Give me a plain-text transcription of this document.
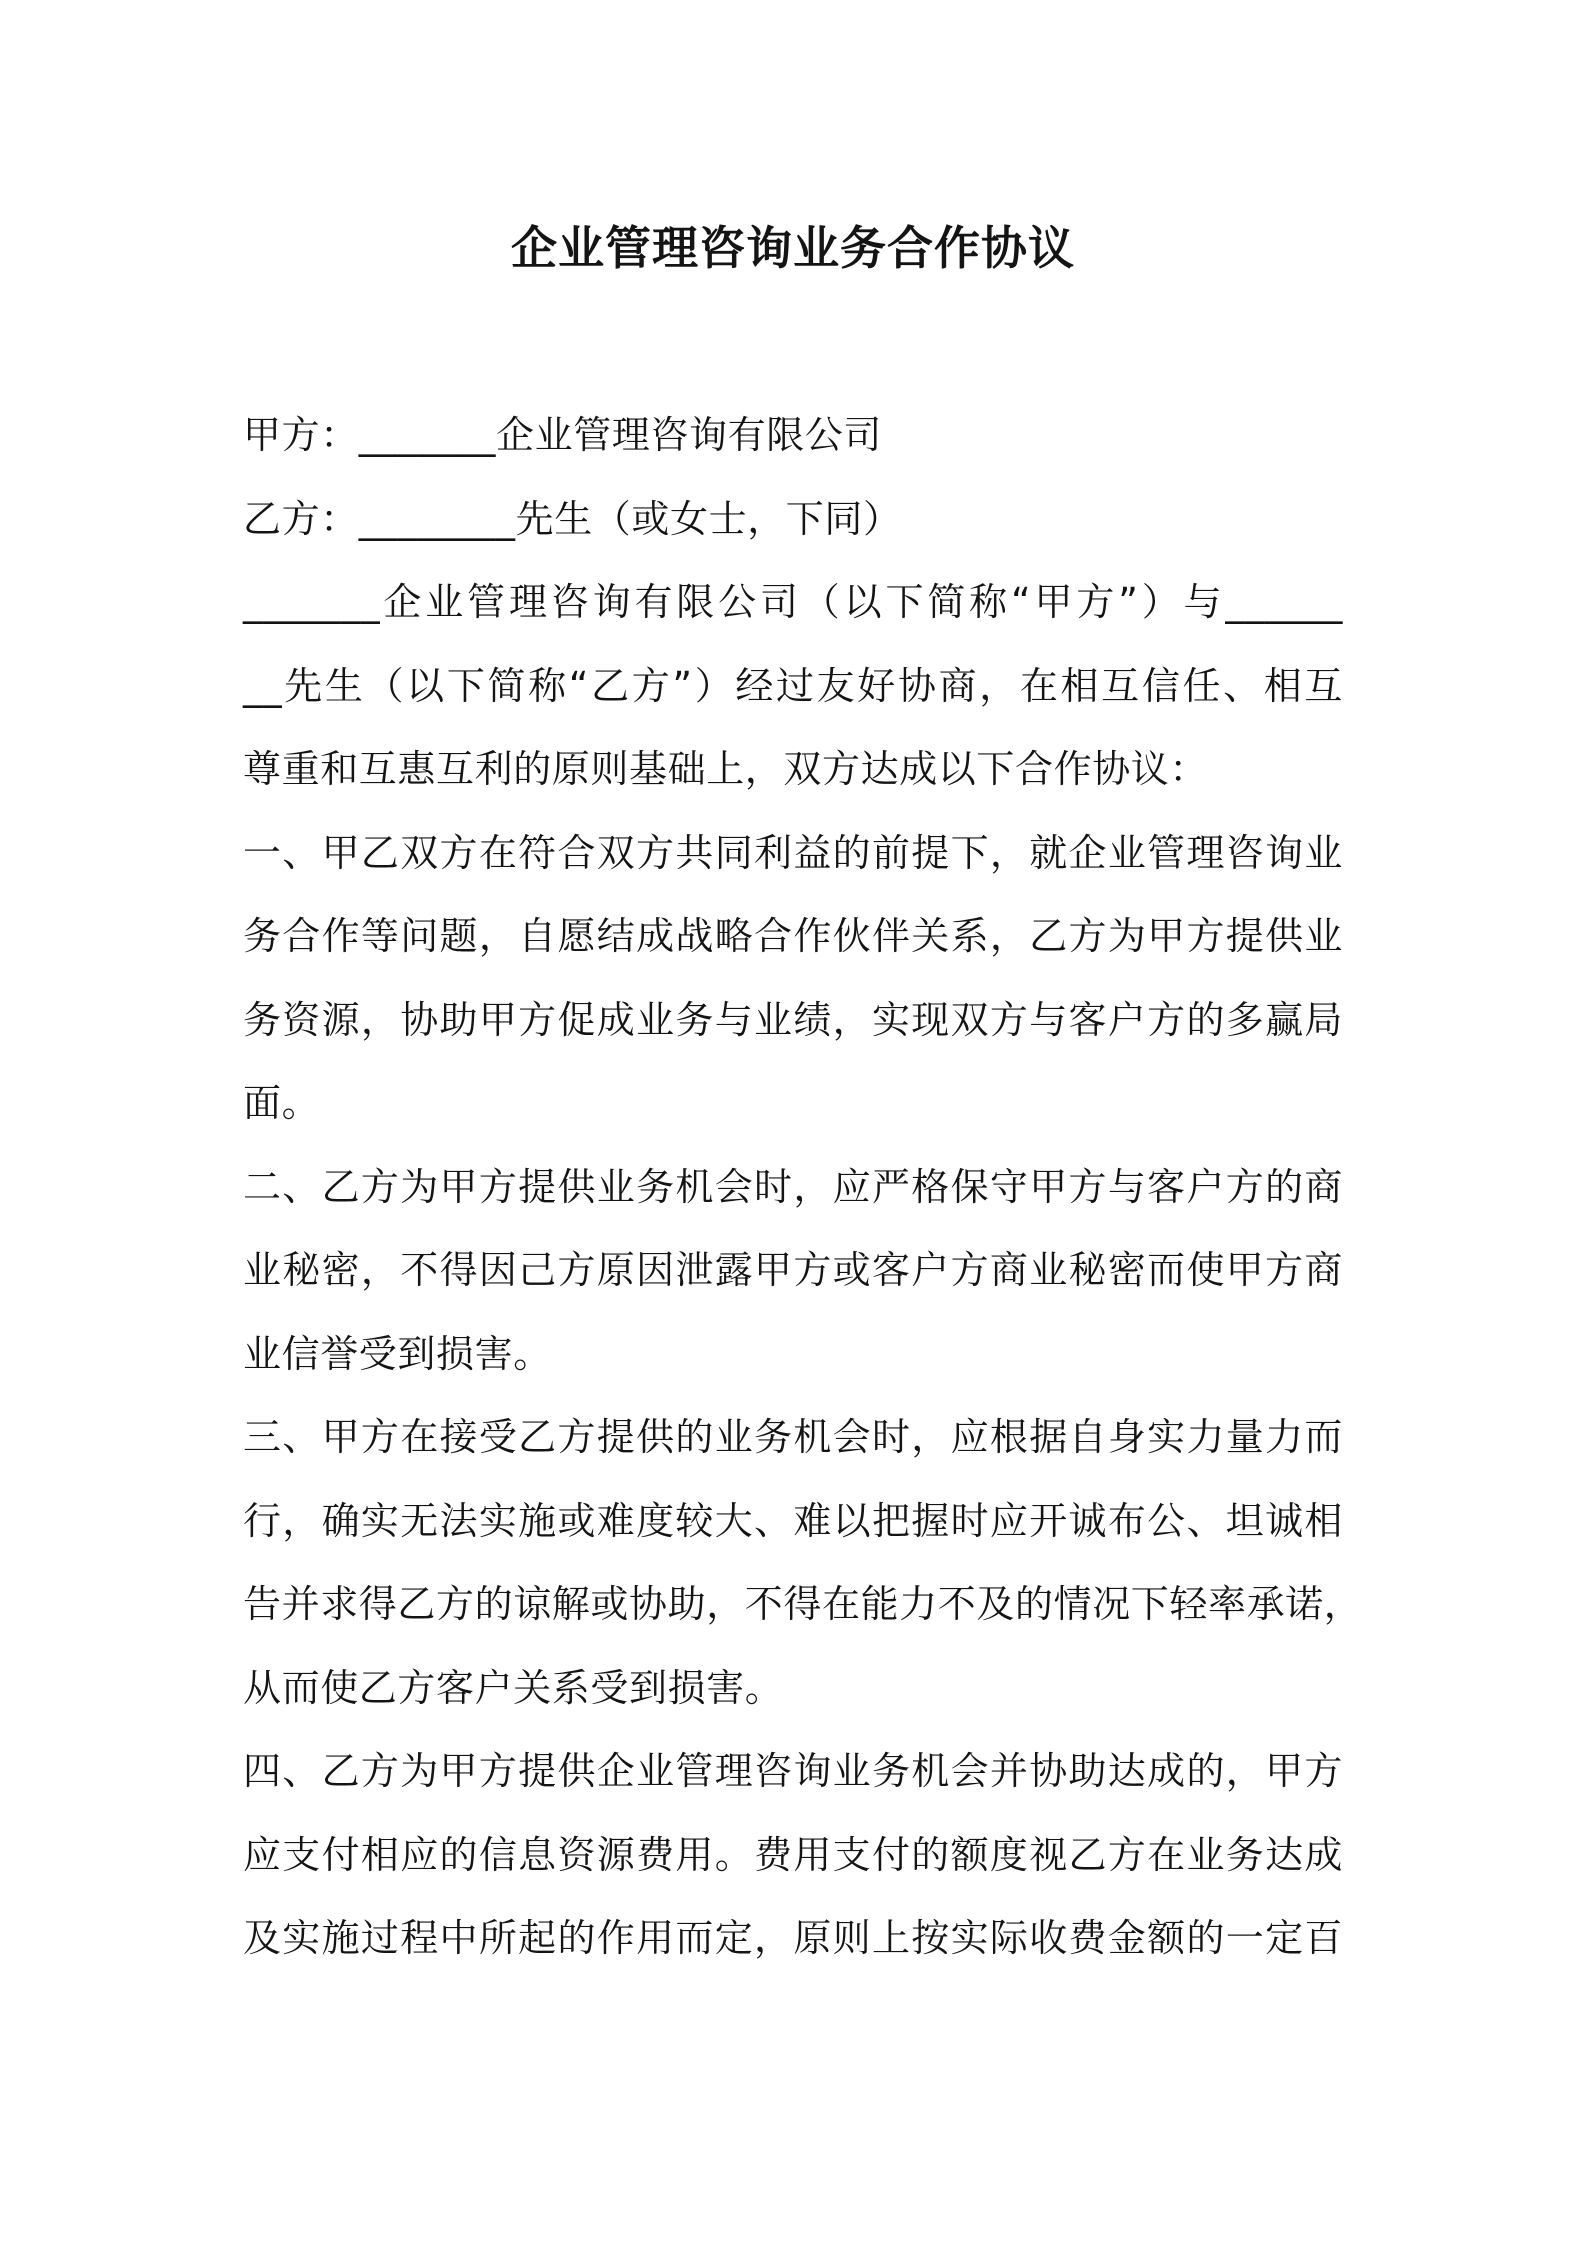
企业管理咨询业务合作协议
甲方：_______企业管理咨询有限公司
乙方：________先生（或女士，下同）
_______企业管理咨询有限公司（以下简称“甲方”）与______
__先生（以下简称“乙方”）经过友好协商，在相互信任、相互
尊重和互惠互利的原则基础上，双方达成以下合作协议：
一、甲乙双方在符合双方共同利益的前提下，就企业管理咨询业
务合作等问题，自愿结成战略合作伙伴关系，乙方为甲方提供业
务资源，协助甲方促成业务与业绩，实现双方与客户方的多赢局
面。
二、乙方为甲方提供业务机会时，应严格保守甲方与客户方的商
业秘密，不得因己方原因泄露甲方或客户方商业秘密而使甲方商
业信誉受到损害。
三、甲方在接受乙方提供的业务机会时，应根据自身实力量力而
行，确实无法实施或难度较大、难以把握时应开诚布公、坦诚相
告并求得乙方的谅解或协助，不得在能力不及的情况下轻率承诺，
从而使乙方客户关系受到损害。
四、乙方为甲方提供企业管理咨询业务机会并协助达成的，甲方
应支付相应的信息资源费用。费用支付的额度视乙方在业务达成
及实施过程中所起的作用而定，原则上按实际收费金额的一定百
